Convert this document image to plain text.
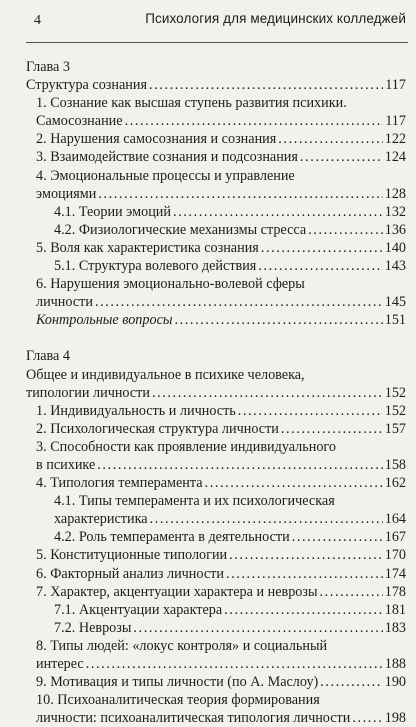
4	Психология для медицинских колледжей
Глава 3
Структура сознания .....	117
1. Сознание как высшая ступень развития психики.
Самосознание .....	117
2. Нарушения самосознания и сознания .....	122
3. Взаимодействие сознания и подсознания .....	124
4. Эмоциональные процессы и управление
эмоциями .....	128
4.1. Теории эмоций .....	132
4.2. Физиологические механизмы стресса .....	136
5. Воля как характеристика сознания .....	140
5.1. Структура волевого действия .....	143
6. Нарушения эмоционально-волевой сферы
личности .....	145
Контрольные вопросы .....	151
Глава 4
Общее и индивидуальное в психике человека,
типологии личности .....	152
1. Индивидуальность и личность .....	152
2. Психологическая структура личности .....	157
3. Способности как проявление индивидуального
в психике .....	158
4. Типология темперамента .....	162
4.1. Типы темперамента и их психологическая
характеристика .....	164
4.2. Роль темперамента в деятельности .....	167
5. Конституционные типологии .....	170
6. Факторный анализ личности .....	174
7. Характер, акцентуации характера и неврозы .....	178
7.1. Акцентуации характера .....	181
7.2. Неврозы .....	183
8. Типы людей: «локус контроля» и социальный
интерес .....	188
9. Мотивация и типы личности (по А. Маслоу) .....	190
10. Психоаналитическая теория формирования
личности: психоаналитическая типология личности ..... 198
